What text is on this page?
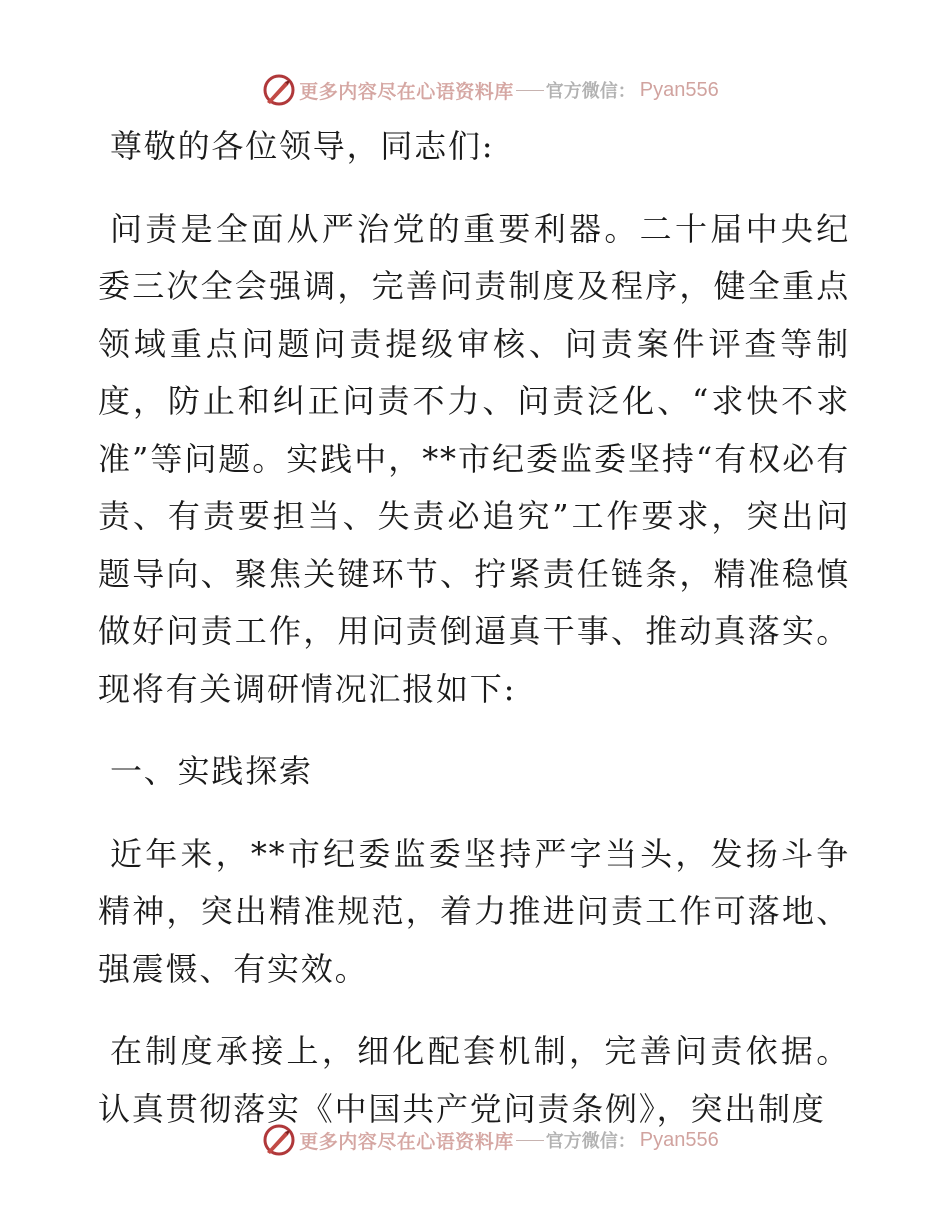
更多内容尽在心语资料库 官方微信： Pyan556

尊敬的各位领导，同志们:

问责是全面从严治党的重要利器。二十届中央纪委三次全会强调，完善问责制度及程序，健全重点领域重点问题问责提级审核、问责案件评查等制度，防止和纠正问责不力、问责泛化、“求快不求准”等问题。实践中，**市纪委监委坚持“有权必有责、有责要担当、失责必追究”工作要求，突出问题导向、聚焦关键环节、拧紧责任链条，精准稳慎做好问责工作，用问责倒逼真干事、推动真落实。现将有关调研情况汇报如下:

一、实践探索

近年来，**市纪委监委坚持严字当头，发扬斗争精神，突出精准规范，着力推进问责工作可落地、强震慑、有实效。

在制度承接上，细化配套机制，完善问责依据。认真贯彻落实《中国共产党问责条例》，突出制度

更多内容尽在心语资料库 官方微信： Pyan556
